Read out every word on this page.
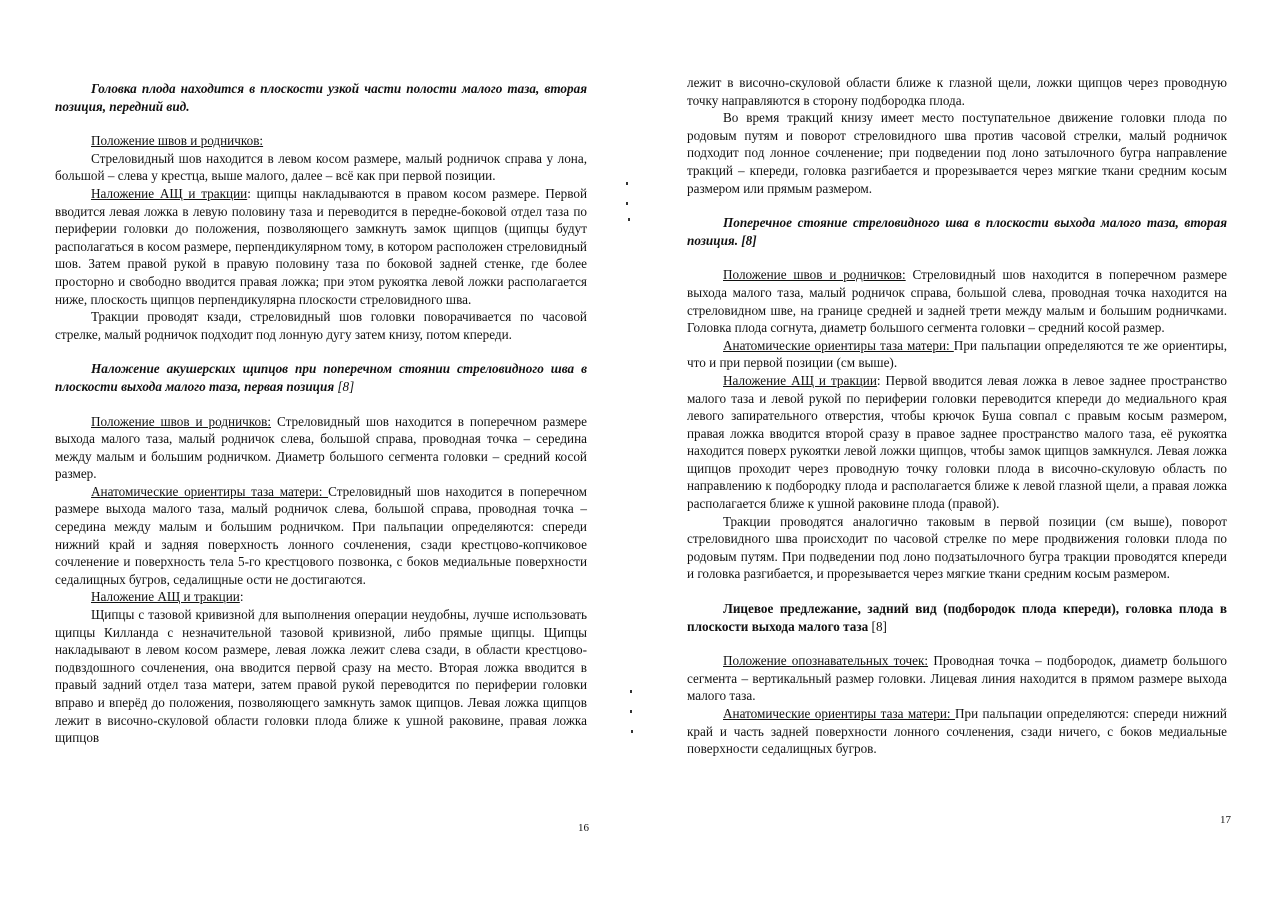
Головка плода находится в плоскости узкой части полости малого таза, вторая позиция, передний вид.

Положение швов и родничков:

Стреловидный шов находится в левом косом размере, малый родничок справа у лона, большой – слева у крестца, выше малого, далее – всё как при первой позиции.

Наложение АЩ и тракции: щипцы накладываются в правом косом размере. Первой вводится левая ложка в левую половину таза и переводится в передне-боковой отдел таза по периферии головки до положения, позволяющего замкнуть замок щипцов (щипцы будут располагаться в косом размере, перпендикулярном тому, в котором расположен стреловидный шов. Затем правой рукой в правую половину таза по боковой задней стенке, где более просторно и свободно вводится правая ложка; при этом рукоятка левой ложки располагается ниже, плоскость щипцов перпендикулярна плоскости стреловидного шва.

Тракции проводят кзади, стреловидный шов головки поворачивается по часовой стрелке, малый родничок подходит под лонную дугу затем книзу, потом кпереди.

Наложение акушерских щипцов при поперечном стоянии стреловидного шва в плоскости выхода малого таза, первая позиция [8]

Положение швов и родничков: Стреловидный шов находится в поперечном размере выхода малого таза, малый родничок слева, большой справа, проводная точка – середина между малым и большим родничком. Диаметр большого сегмента головки – средний косой размер.

Анатомические ориентиры таза матери: Стреловидный шов находится в поперечном размере выхода малого таза, малый родничок слева, большой справа, проводная точка – середина между малым и большим родничком. При пальпации определяются: спереди нижний край и задняя поверхность лонного сочленения, сзади крестцово-копчиковое сочленение и поверхность тела 5-го крестцового позвонка, с боков медиальные поверхности седалищных бугров, седалищные ости не достигаются.

Наложение АЩ и тракции:

Щипцы с тазовой кривизной для выполнения операции неудобны, лучше использовать щипцы Килланда с незначительной тазовой кривизной, либо прямые щипцы. Щипцы накладывают в левом косом размере, левая ложка лежит слева сзади, в области крестцово-подвздошного сочленения, она вводится первой сразу на место. Вторая ложка вводится в правый задний отдел таза матери, затем правой рукой переводится по периферии головки вправо и вперёд до положения, позволяющего замкнуть замок щипцов. Левая ложка щипцов лежит в височно-скуловой области головки плода ближе к ушной раковине, правая ложка щипцов

16

лежит в височно-скуловой области ближе к глазной щели, ложки щипцов через проводную точку направляются в сторону подбородка плода.

Во время тракций книзу имеет место поступательное движение головки плода по родовым путям и поворот стреловидного шва против часовой стрелки, малый родничок подходит под лонное сочленение; при подведении под лоно затылочного бугра направление тракций – кпереди, головка разгибается и прорезывается через мягкие ткани средним косым размером или прямым размером.

Поперечное стояние стреловидного шва в плоскости выхода малого таза, вторая позиция. [8]

Положение швов и родничков: Стреловидный шов находится в поперечном размере выхода малого таза, малый родничок справа, большой слева, проводная точка находится на стреловидном шве, на границе средней и задней трети между малым и большим родничками. Головка плода согнута, диаметр большого сегмента головки – средний косой размер.

Анатомические ориентиры таза матери: При пальпации определяются те же ориентиры, что и при первой позиции (см выше).

Наложение АЩ и тракции: Первой вводится левая ложка в левое заднее пространство малого таза и левой рукой по периферии головки переводится кпереди до медиального края левого запирательного отверстия, чтобы крючок Буша совпал с правым косым размером, правая ложка вводится второй сразу в правое заднее пространство малого таза, её рукоятка находится поверх рукоятки левой ложки щипцов, чтобы замок щипцов замкнулся. Левая ложка щипцов проходит через проводную точку головки плода в височно-скуловую область по направлению к подбородку плода и располагается ближе к левой глазной щели, а правая ложка располагается ближе к ушной раковине плода (правой).

Тракции проводятся аналогично таковым в первой позиции (см выше), поворот стреловидного шва происходит по часовой стрелке по мере продвижения головки плода по родовым путям. При подведении под лоно подзатылочного бугра тракции проводятся кпереди и головка разгибается, и прорезывается через мягкие ткани средним косым размером.

Лицевое предлежание, задний вид (подбородок плода кпереди), головка плода в плоскости выхода малого таза [8]

Положение опознавательных точек: Проводная точка – подбородок, диаметр большого сегмента – вертикальный размер головки. Лицевая линия находится в прямом размере выхода малого таза.

Анатомические ориентиры таза матери: При пальпации определяются: спереди нижний край и часть задней поверхности лонного сочленения, сзади ничего, с боков медиальные поверхности седалищных бугров.

17
